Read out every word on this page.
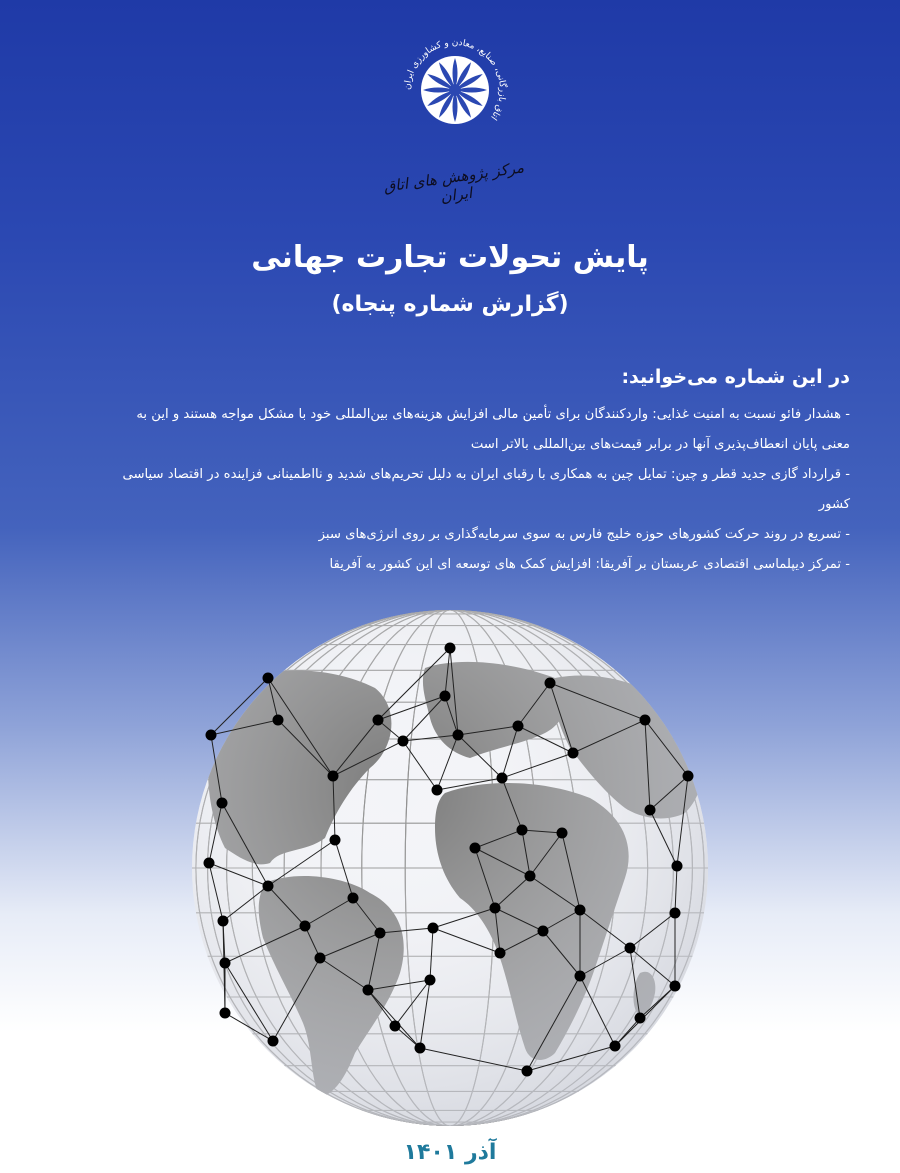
اتاق بازرگانی، صنایع، معادن و کشاورزی ایران
مرکز پژوهش های اتاق ایران
پایش تحولات تجارت جهانی
(گزارش شماره پنجاه)
در این شماره می‌خوانید:
- هشدار فائو نسبت به امنیت غذایی: واردکنندگان برای تأمین مالی افزایش هزینه‌های بین‌المللی خود با مشکل مواجه هستند و این به
معنی پایان انعطاف‌پذیری آنها در برابر قیمت‌های بین‌المللی بالاتر است
- قرارداد گازی جدید قطر و چین: تمایل چین به همکاری با رقبای ایران به دلیل تحریم‌های شدید و نااطمینانی فزاینده در اقتصاد سیاسی
کشور
- تسریع در روند حرکت کشورهای حوزه خلیج فارس به سوی سرمایه‌گذاری بر روی انرژی‌های سبز
- تمرکز دیپلماسی اقتصادی عربستان بر آفریقا: افزایش کمک های توسعه ای این کشور به آفریقا
آذر ۱۴۰۱
